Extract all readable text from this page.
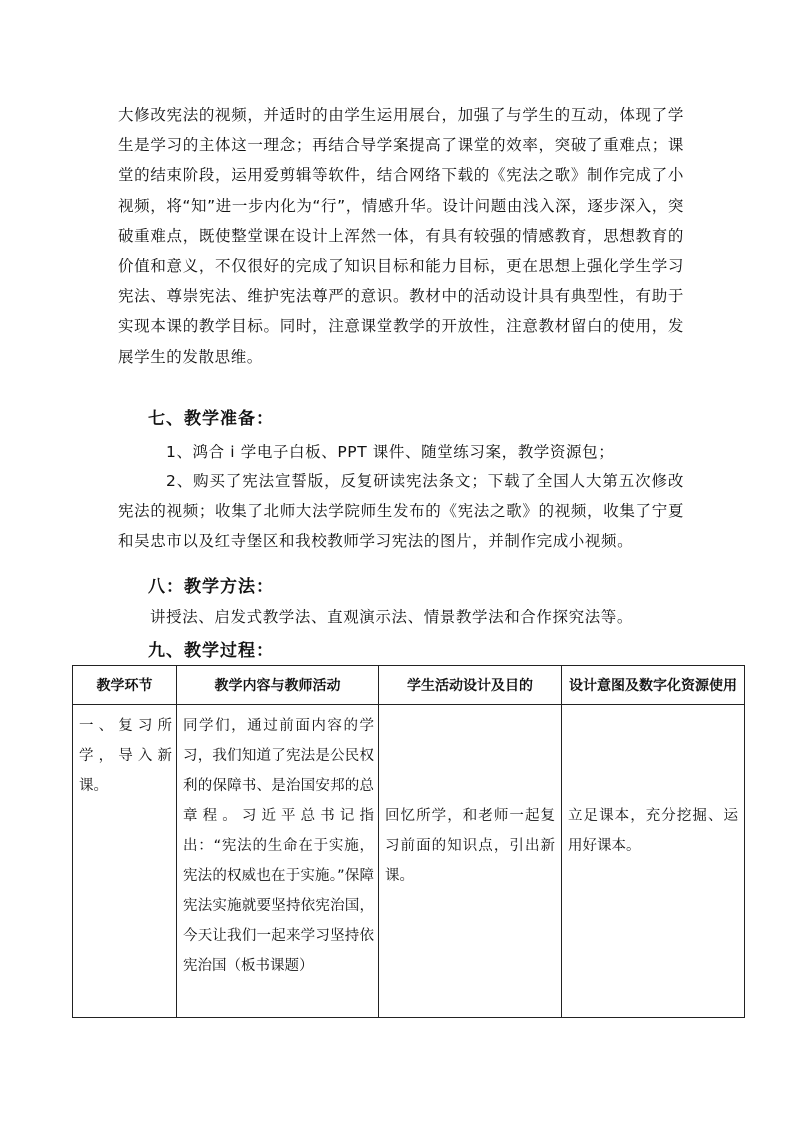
大修改宪法的视频，并适时的由学生运用展台，加强了与学生的互动，体现了学生是学习的主体这一理念；再结合导学案提高了课堂的效率，突破了重难点；课堂的结束阶段，运用爱剪辑等软件，结合网络下载的《宪法之歌》制作完成了小视频，将“知”进一步内化为“行”，情感升华。设计问题由浅入深，逐步深入，突破重难点，既使整堂课在设计上浑然一体，有具有较强的情感教育，思想教育的价值和意义，不仅很好的完成了知识目标和能力目标，更在思想上强化学生学习宪法、尊崇宪法、维护宪法尊严的意识。教材中的活动设计具有典型性，有助于实现本课的教学目标。同时，注意课堂教学的开放性，注意教材留白的使用，发展学生的发散思维。

七、教学准备：

1、鸿合 i 学电子白板、PPT 课件、随堂练习案，教学资源包；

2、购买了宪法宣誓版，反复研读宪法条文；下载了全国人大第五次修改宪法的视频；收集了北师大法学院师生发布的《宪法之歌》的视频，收集了宁夏和吴忠市以及红寺堡区和我校教师学习宪法的图片，并制作完成小视频。

八：教学方法：

讲授法、启发式教学法、直观演示法、情景教学法和合作探究法等。

九、教学过程：

教学环节	教学内容与教师活动	学生活动设计及目的	设计意图及数字化资源使用

一、复习所学，导入新课。	同学们，通过前面内容的学习，我们知道了宪法是公民权利的保障书、是治国安邦的总章程。习近平总书记指出：“宪法的生命在于实施，宪法的权威也在于实施。”保障宪法实施就要坚持依宪治国，今天让我们一起来学习坚持依宪治国（板书课题）	回忆所学，和老师一起复习前面的知识点，引出新课。	立足课本，充分挖掘、运用好课本。
